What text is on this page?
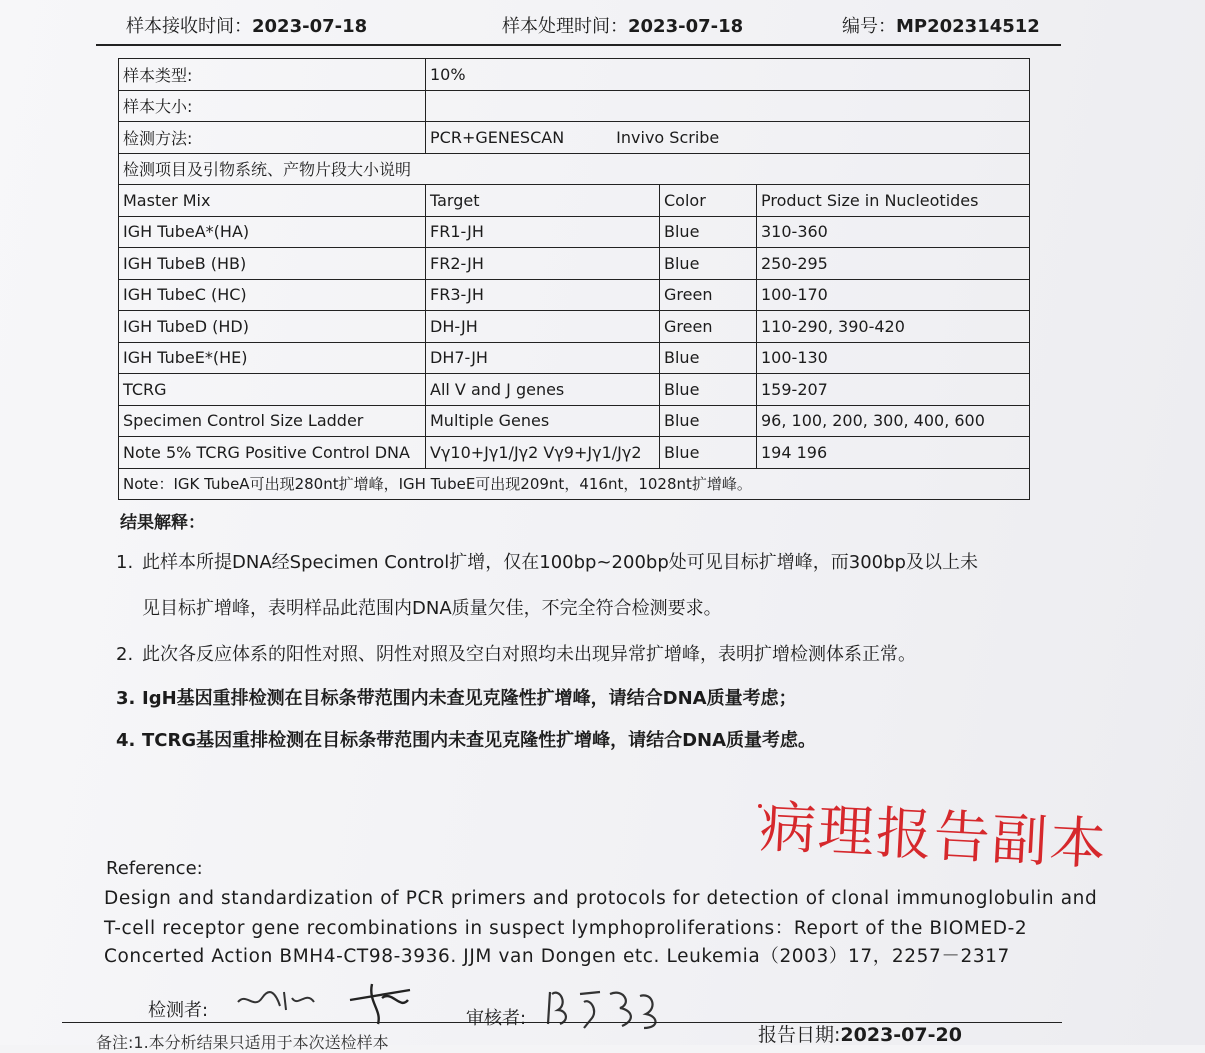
样本接收时间：2023-07-18	样本处理时间：2023-07-18	编号：MP202314512
样本类型:	10%		
样本大小:			
检测方法:	PCR+GENESCAN Invivo Scribe		
检测项目及引物系统、产物片段大小说明			
Master Mix	Target	Color	Product Size in Nucleotides
IGH TubeA*(HA)	FR1-JH	Blue	310-360
IGH TubeB (HB)	FR2-JH	Blue	250-295
IGH TubeC (HC)	FR3-JH	Green	100-170
IGH TubeD (HD)	DH-JH	Green	110-290, 390-420
IGH TubeE*(HE)	DH7-JH	Blue	100-130
TCRG	All V and J genes	Blue	159-207
Specimen Control Size Ladder	Multiple Genes	Blue	96, 100, 200, 300, 400, 600
Note 5% TCRG Positive Control DNA	Vγ10+Jγ1/Jγ2 Vγ9+Jγ1/Jγ2	Blue	194 196
Note：IGK TubeA可出现280nt扩增峰，IGH TubeE可出现209nt，416nt，1028nt扩增峰。			
结果解释：
1. 此样本所提DNA经Specimen Control扩增，仅在100bp~200bp处可见目标扩增峰，而300bp及以上未
见目标扩增峰，表明样品此范围内DNA质量欠佳，不完全符合检测要求。
2. 此次各反应体系的阳性对照、阴性对照及空白对照均未出现异常扩增峰，表明扩增检测体系正常。
3. IgH基因重排检测在目标条带范围内未查见克隆性扩增峰，请结合DNA质量考虑；
4. TCRG基因重排检测在目标条带范围内未查见克隆性扩增峰，请结合DNA质量考虑。
病理报告副本
Reference:
Design and standardization of PCR primers and protocols for detection of clonal immunoglobulin and
T-cell receptor gene recombinations in suspect lymphoproliferations：Report of the BIOMED-2
Concerted Action BMH4-CT98-3936. JJM van Dongen etc. Leukemia（2003）17，2257－2317
检测者:	审核者:
报告日期:2023-07-20
备注:1.本分析结果只适用于本次送检样本
